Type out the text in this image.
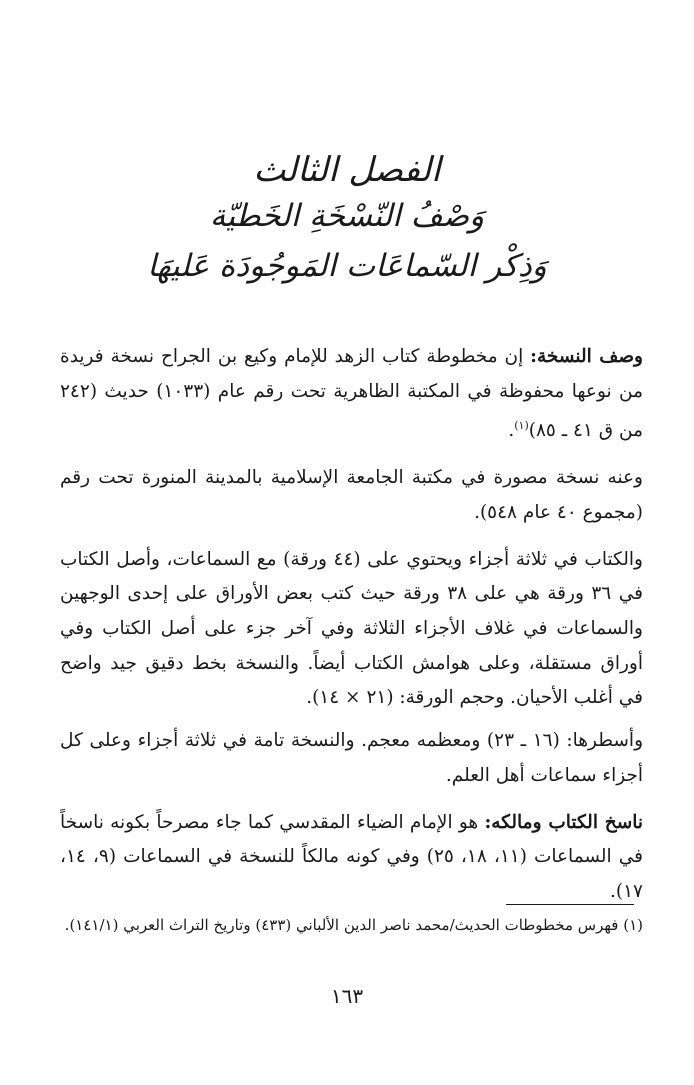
الفصل الثالث
وَصْفُ النّسْخَةِ الخَطيّة
وَذِكْر السّماعَات المَوجُودَة عَليهَا

وصف النسخة: إن مخطوطة كتاب الزهد للإمام وكيع بن الجراح نسخة فريدة من نوعها محفوظة في المكتبة الظاهرية تحت رقم عام (١٠٣٣) حديث (٢٤٢ من ق ٤١ ـ ٨٥)$^{(١)}$.

وعنه نسخة مصورة في مكتبة الجامعة الإسلامية بالمدينة المنورة تحت رقم (مجموع ٤٠ عام ٥٤٨).

والكتاب في ثلاثة أجزاء ويحتوي على (٤٤ ورقة) مع السماعات، وأصل الكتاب في ٣٦ ورقة هي على ٣٨ ورقة حيث كتب بعض الأوراق على إحدى الوجهين والسماعات في غلاف الأجزاء الثلاثة وفي آخر جزء على أصل الكتاب وفي أوراق مستقلة، وعلى هوامش الكتاب أيضاً. والنسخة بخط دقيق جيد واضح في أغلب الأحيان. وحجم الورقة: (٢١ × ١٤).

وأسطرها: (١٦ ـ ٢٣) ومعظمه معجم. والنسخة تامة في ثلاثة أجزاء وعلى كل أجزاء سماعات أهل العلم.

ناسخ الكتاب ومالكه: هو الإمام الضياء المقدسي كما جاء مصرحاً بكونه ناسخاً في السماعات (١١، ١٨، ٢٥) وفي كونه مالكاً للنسخة في السماعات (٩، ١٤، ١٧).

(١) فهرس مخطوطات الحديث/محمد ناصر الدين الألباني (٤٣٣) وتاريخ التراث العربي (١٤١/١).
١٦٣
